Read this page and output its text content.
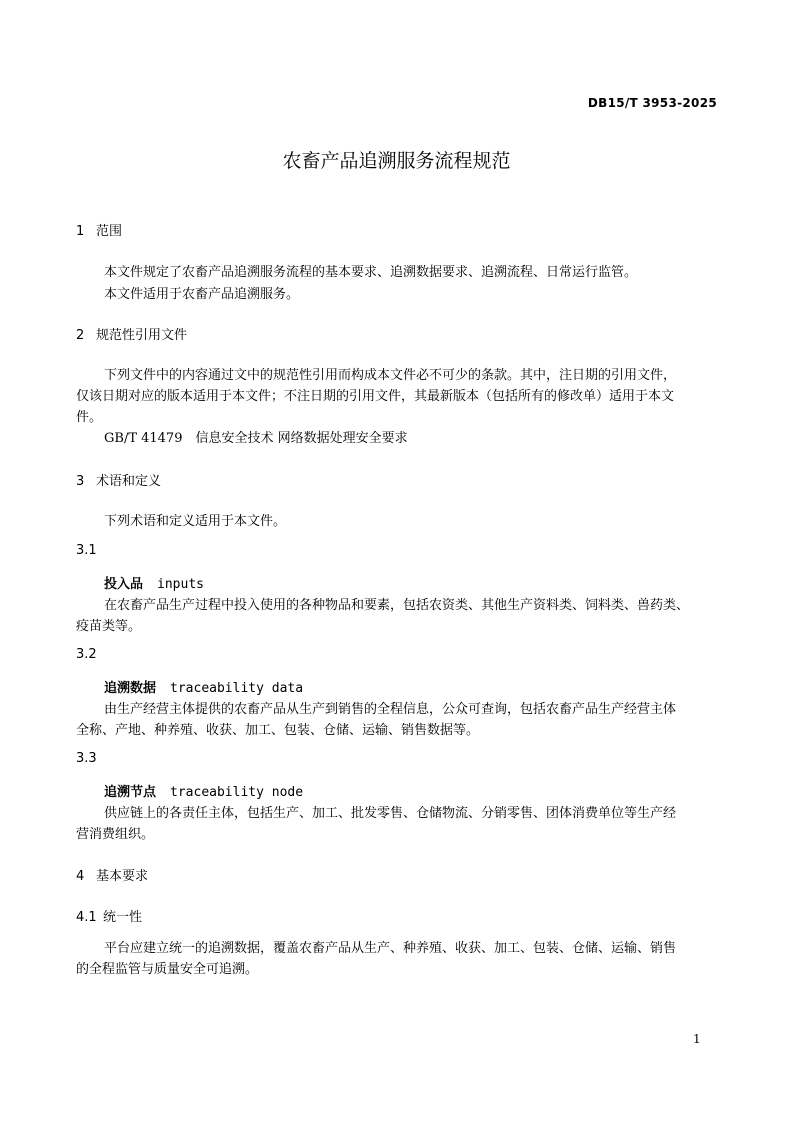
DB15/T 3953-2025
农畜产品追溯服务流程规范
1 范围
本文件规定了农畜产品追溯服务流程的基本要求、追溯数据要求、追溯流程、日常运行监管。
本文件适用于农畜产品追溯服务。
2 规范性引用文件
下列文件中的内容通过文中的规范性引用而构成本文件必不可少的条款。其中，注日期的引用文件，
仅该日期对应的版本适用于本文件；不注日期的引用文件，其最新版本（包括所有的修改单）适用于本文
件。
GB/T 41479　信息安全技术 网络数据处理安全要求
3 术语和定义
下列术语和定义适用于本文件。
3.1
投入品 inputs
在农畜产品生产过程中投入使用的各种物品和要素，包括农资类、其他生产资料类、饲料类、兽药类、
疫苗类等。
3.2
追溯数据 traceability data
由生产经营主体提供的农畜产品从生产到销售的全程信息，公众可查询，包括农畜产品生产经营主体
全称、产地、种养殖、收获、加工、包装、仓储、运输、销售数据等。
3.3
追溯节点 traceability node
供应链上的各责任主体，包括生产、加工、批发零售、仓储物流、分销零售、团体消费单位等生产经
营消费组织。
4 基本要求
4.1 统一性
平台应建立统一的追溯数据，覆盖农畜产品从生产、种养殖、收获、加工、包装、仓储、运输、销售
的全程监管与质量安全可追溯。
1
